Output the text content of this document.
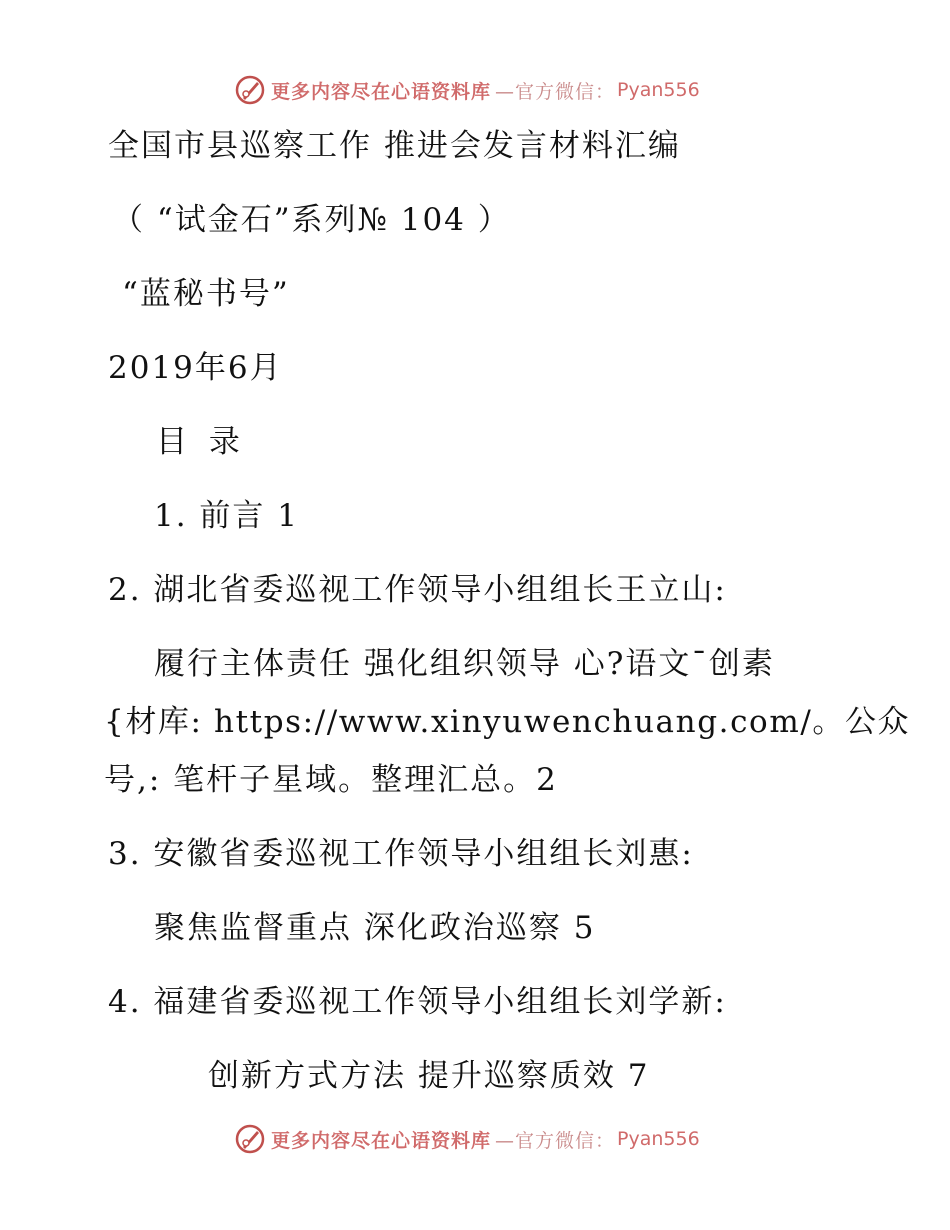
更多内容尽在心语资料库 —官方微信： Pyan556
全国市县巡察工作 推进会发言材料汇编
（ “试金石”系列№ 104 ）
“蓝秘书号”
2019年6月
目 录
1. 前言 1
2. 湖北省委巡视工作领导小组组长王立山:
履行主体责任 强化组织领导 心?语文¯创素
{材库: https://www.xinyuwenchuang.com/。公众
号,: 笔杆子星域。整理汇总。2
3. 安徽省委巡视工作领导小组组长刘惠:
聚焦监督重点 深化政治巡察 5
4. 福建省委巡视工作领导小组组长刘学新:
创新方式方法 提升巡察质效 7
更多内容尽在心语资料库 —官方微信： Pyan556
